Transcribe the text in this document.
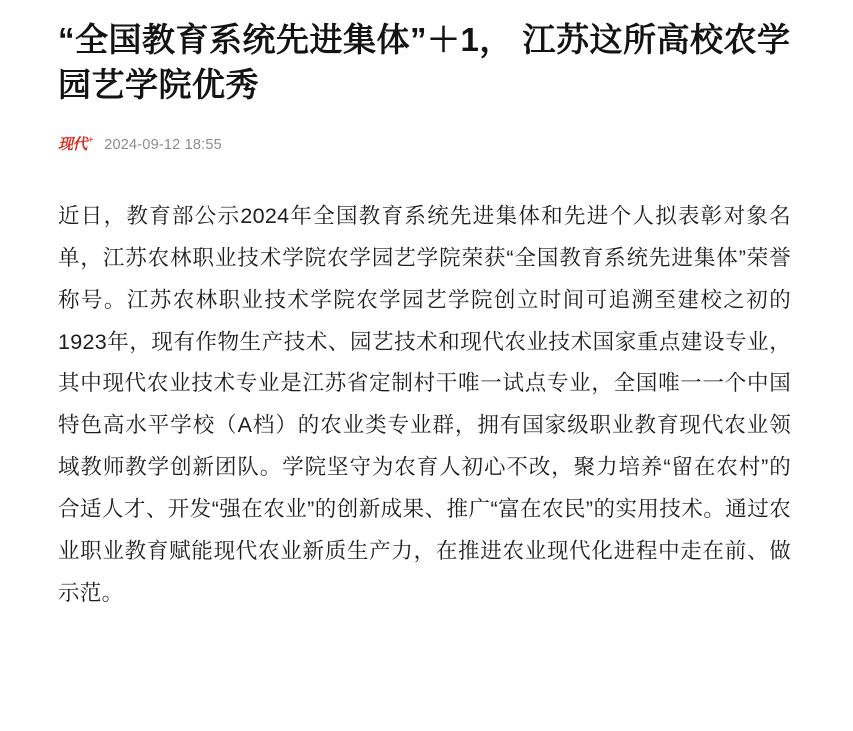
“全国教育系统先进集体”＋1， 江苏这所高校农学园艺学院优秀
现代+ 2024-09-12 18:55

近日，教育部公示2024年全国教育系统先进集体和先进个人拟表彰对象名单，江苏农林职业技术学院农学园艺学院荣获“全国教育系统先进集体”荣誉称号。江苏农林职业技术学院农学园艺学院创立时间可追溯至建校之初的1923年，现有作物生产技术、园艺技术和现代农业技术国家重点建设专业，其中现代农业技术专业是江苏省定制村干唯一试点专业，全国唯一一个中国特色高水平学校（A档）的农业类专业群，拥有国家级职业教育现代农业领域教师教学创新团队。学院坚守为农育人初心不改，聚力培养“留在农村”的合适人才、开发“强在农业”的创新成果、推广“富在农民”的实用技术。通过农业职业教育赋能现代农业新质生产力，在推进农业现代化进程中走在前、做示范。
